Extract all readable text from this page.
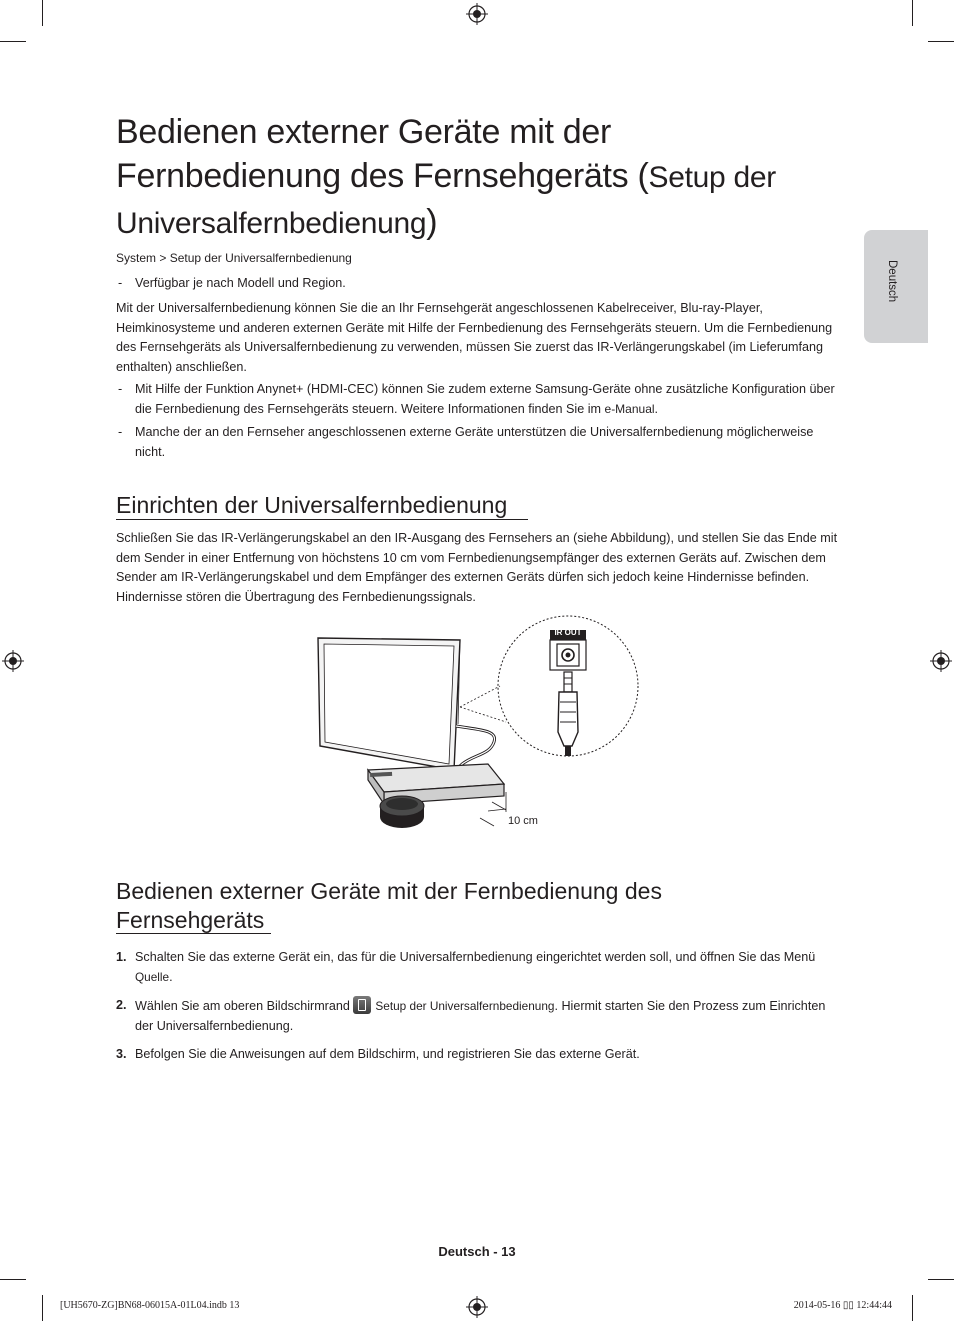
Deutsch
Bedienen externer Geräte mit der
Fernbedienung des Fernsehgeräts (Setup der
Universalfernbedienung)
System > Setup der Universalfernbedienung
- Verfügbar je nach Modell und Region.
Mit der Universalfernbedienung können Sie die an Ihr Fernsehgerät angeschlossenen Kabelreceiver, Blu-ray-Player, Heimkinosysteme und anderen externen Geräte mit Hilfe der Fernbedienung des Fernsehgeräts steuern. Um die Fernbedienung des Fernsehgeräts als Universalfernbedienung zu verwenden, müssen Sie zuerst das IR-Verlängerungskabel (im Lieferumfang enthalten) anschließen.
- Mit Hilfe der Funktion Anynet+ (HDMI-CEC) können Sie zudem externe Samsung-Geräte ohne zusätzliche Konfiguration über die Fernbedienung des Fernsehgeräts steuern. Weitere Informationen finden Sie im e-Manual.
- Manche der an den Fernseher angeschlossenen externe Geräte unterstützen die Universalfernbedienung möglicherweise nicht.
Einrichten der Universalfernbedienung
Schließen Sie das IR-Verlängerungskabel an den IR-Ausgang des Fernsehers an (siehe Abbildung), und stellen Sie das Ende mit dem Sender in einer Entfernung von höchstens 10 cm vom Fernbedienungsempfänger des externen Geräts auf. Zwischen dem Sender am IR-Verlängerungskabel und dem Empfänger des externen Geräts dürfen sich jedoch keine Hindernisse befinden. Hindernisse stören die Übertragung des Fernbedienungssignals.
IR OUT
10 cm
Bedienen externer Geräte mit der Fernbedienung des
Fernsehgeräts
1. Schalten Sie das externe Gerät ein, das für die Universalfernbedienung eingerichtet werden soll, und öffnen Sie das Menü Quelle.
2. Wählen Sie am oberen Bildschirmrand
Setup der Universalfernbedienung. Hiermit starten Sie den Prozess zum Einrichten der Universalfernbedienung.
3. Befolgen Sie die Anweisungen auf dem Bildschirm, und registrieren Sie das externe Gerät.
Deutsch - 13
[UH5670-ZG]BN68-06015A-01L04.indb 13	2014-05-16 ▯▯ 12:44:44
